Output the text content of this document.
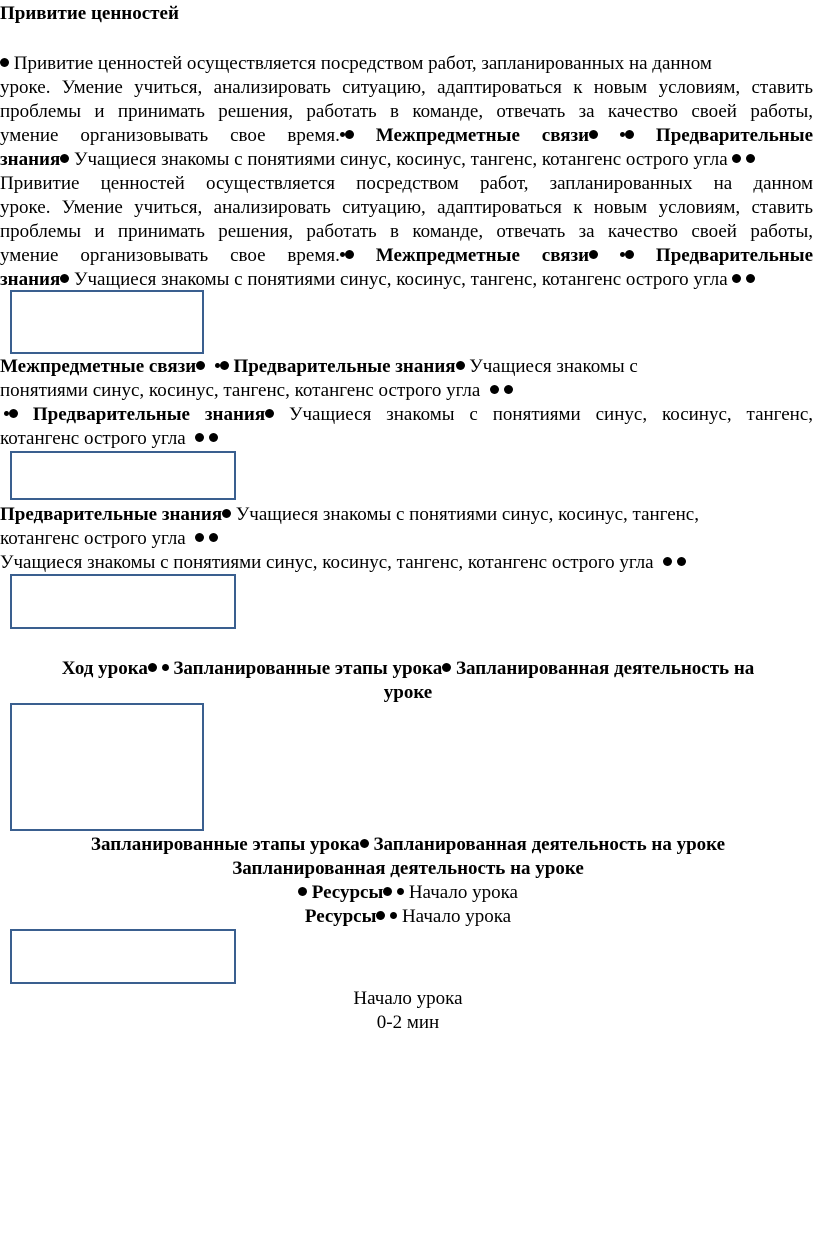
Привитие ценностей
Привитие ценностей осуществляется посредством работ, запланированных на данном
уроке. Умение учиться, анализировать ситуацию, адаптироваться к новым условиям, ставить
проблемы и принимать решения, работать в команде, отвечать за качество своей работы,
умение организовывать свое время. Межпредметные связи	Предварительные
знания Учащиеся знакомы с понятиями синус, косинус, тангенс, котангенс острого угла
Привитие ценностей осуществляется посредством работ, запланированных на данном
уроке. Умение учиться, анализировать ситуацию, адаптироваться к новым условиям, ставить
проблемы и принимать решения, работать в команде, отвечать за качество своей работы,
умение организовывать свое время. Межпредметные связи	Предварительные
знания Учащиеся знакомы с понятиями синус, косинус, тангенс, котангенс острого угла
Межпредметные связи Предварительные знания Учащиеся знакомы с
понятиями синус, косинус, тангенс, котангенс острого угла
Предварительные знания Учащиеся знакомы с понятиями синус, косинус, тангенс,
котангенс острого угла
Предварительные знания Учащиеся знакомы с понятиями синус, косинус, тангенс,
котангенс острого угла
Учащиеся знакомы с понятиями синус, косинус, тангенс, котангенс острого угла
Ход урока Запланированные этапы урока Запланированная деятельность на
уроке
Запланированные этапы урока Запланированная деятельность на уроке
Запланированная деятельность на уроке
Ресурсы Начало урока
Ресурсы Начало урока
Начало урока
0-2 мин
